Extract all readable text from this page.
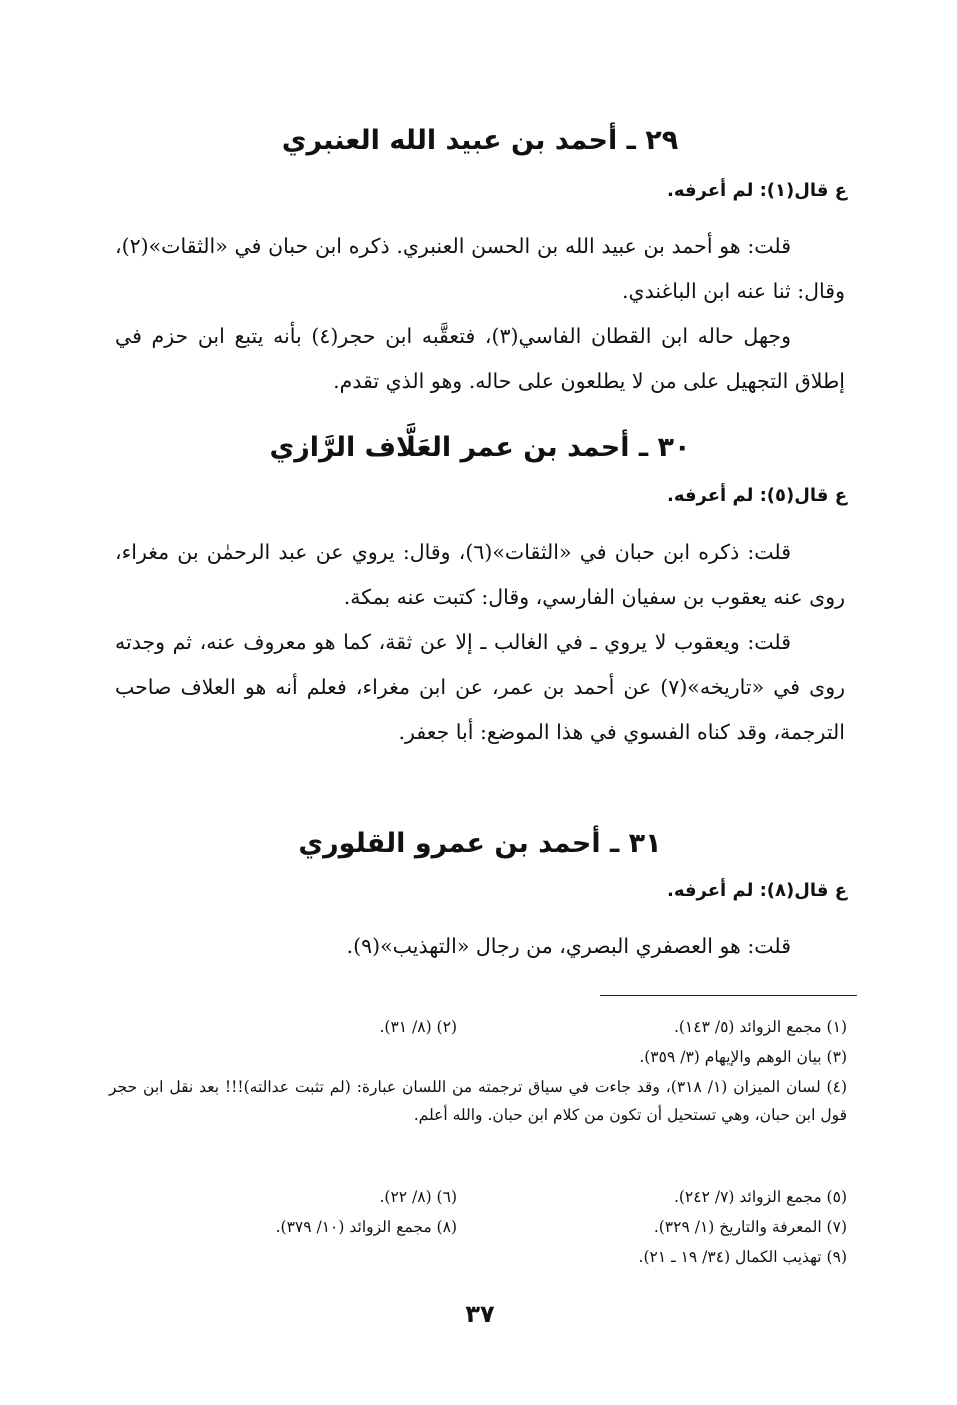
٢٩ ـ أحمد بن عبيد الله العنبري
ع قال(١): لم أعرفه.

قلت: هو أحمد بن عبيد الله بن الحسن العنبري. ذكره ابن حبان في «الثقات»(٢)، وقال: ثنا عنه ابن الباغندي.

وجهل حاله ابن القطان الفاسي(٣)، فتعقَّبه ابن حجر(٤) بأنه يتبع ابن حزم في إطلاق التجهيل على من لا يطلعون على حاله. وهو الذي تقدم.

٣٠ ـ أحمد بن عمر العَلَّاف الرَّازي
ع قال(٥): لم أعرفه.

قلت: ذكره ابن حبان في «الثقات»(٦)، وقال: يروي عن عبد الرحمٰن بن مغراء، روى عنه يعقوب بن سفيان الفارسي، وقال: كتبت عنه بمكة.

قلت: ويعقوب لا يروي ـ في الغالب ـ إلا عن ثقة، كما هو معروف عنه، ثم وجدته روى في «تاريخه»(٧) عن أحمد بن عمر، عن ابن مغراء، فعلم أنه هو العلاف صاحب الترجمة، وقد كناه الفسوي في هذا الموضع: أبا جعفر.

٣١ ـ أحمد بن عمرو القلوري
ع قال(٨): لم أعرفه.

قلت: هو العصفري البصري، من رجال «التهذيب»(٩).

(١) مجمع الزوائد (٥/ ١٤٣).
(٢) (٨/ ٣١).
(٣) بيان الوهم والإيهام (٣/ ٣٥٩).

(٤) لسان الميزان (١/ ٣١٨)، وقد جاءت في سياق ترجمته من اللسان عبارة: (لم تثبت عدالته)!!! بعد نقل ابن حجر قول ابن حبان، وهي تستحيل أن تكون من كلام ابن حبان. والله أعلم.

(٥) مجمع الزوائد (٧/ ٢٤٢).
(٦) (٨/ ٢٢).
(٧) المعرفة والتاريخ (١/ ٣٢٩).
(٨) مجمع الزوائد (١٠/ ٣٧٩).
(٩) تهذيب الكمال (٣٤/ ١٩ ـ ٢١).
٣٧
